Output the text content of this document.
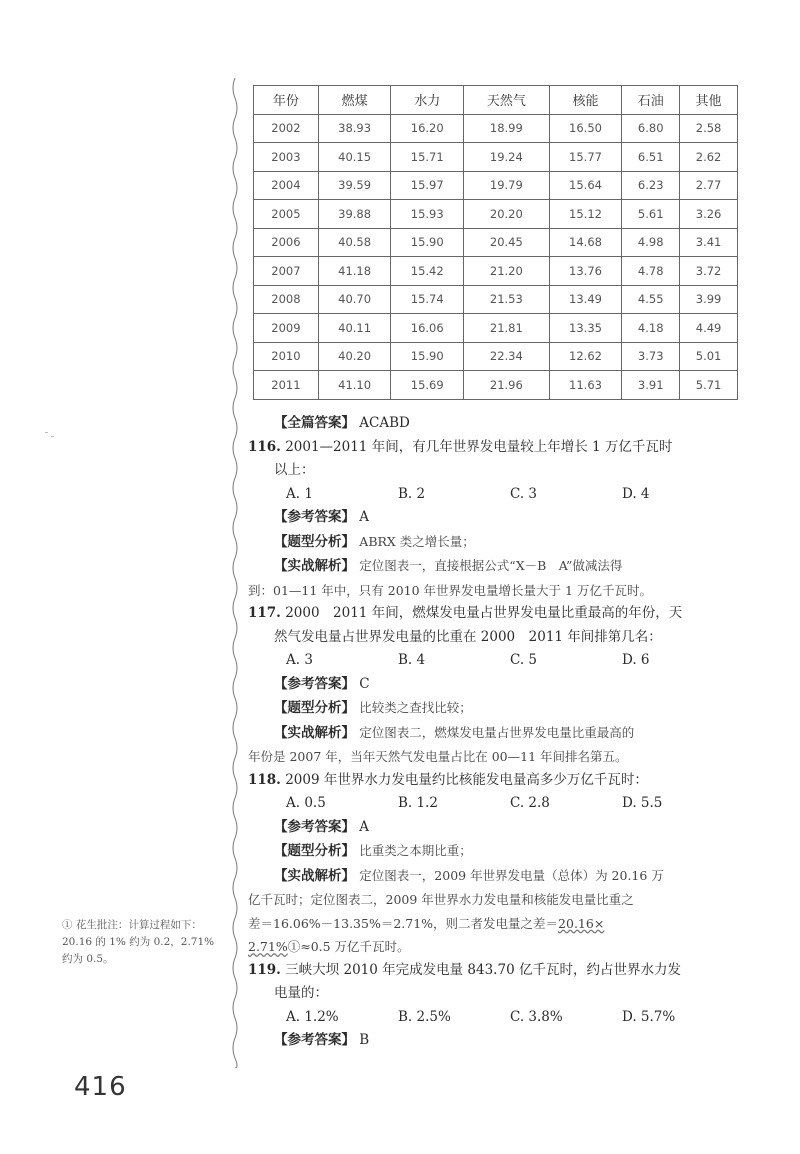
年份	燃煤	水力	天然气	核能	石油	其他
2002	38.93	16.20	18.99	16.50	6.80	2.58
2003	40.15	15.71	19.24	15.77	6.51	2.62
2004	39.59	15.97	19.79	15.64	6.23	2.77
2005	39.88	15.93	20.20	15.12	5.61	3.26
2006	40.58	15.90	20.45	14.68	4.98	3.41
2007	41.18	15.42	21.20	13.76	4.78	3.72
2008	40.70	15.74	21.53	13.49	4.55	3.99
2009	40.11	16.06	21.81	13.35	4.18	4.49
2010	40.20	15.90	22.34	12.62	3.73	5.01
2011	41.10	15.69	21.96	11.63	3.91	5.71
【全篇答案】 ACABD
116. 2001—2011 年间，有几年世界发电量较上年增长 1 万亿千瓦时
以上：
A. 1	B. 2	C. 3	D. 4
【参考答案】 A
【题型分析】 ABRX 类之增长量；
【实战解析】 定位图表一，直接根据公式“X－B　A”做减法得
到：01—11 年中，只有 2010 年世界发电量增长量大于 1 万亿千瓦时。
117. 2000　2011 年间，燃煤发电量占世界发电量比重最高的年份，天
然气发电量占世界发电量的比重在 2000　2011 年间排第几名：
A. 3	B. 4	C. 5	D. 6
【参考答案】 C
【题型分析】 比较类之查找比较；
【实战解析】 定位图表二，燃煤发电量占世界发电量比重最高的
年份是 2007 年，当年天然气发电量占比在 00—11 年间排名第五。
118. 2009 年世界水力发电量约比核能发电量高多少万亿千瓦时：
A. 0.5	B. 1.2	C. 2.8	D. 5.5
【参考答案】 A
【题型分析】 比重类之本期比重；
【实战解析】 定位图表一，2009 年世界发电量（总体）为 20.16 万
亿千瓦时；定位图表二，2009 年世界水力发电量和核能发电量比重之
差＝16.06%－13.35%＝2.71%，则二者发电量之差＝20.16×
2.71%①≈0.5 万亿千瓦时。
119. 三峡大坝 2010 年完成发电量 843.70 亿千瓦时，约占世界水力发
电量的：
A. 1.2%	B. 2.5%	C. 3.8%	D. 5.7%
【参考答案】 B
① 花生批注：计算过程如下：20.16 的 1% 约为 0.2，2.71% 约为 0.5。
416
